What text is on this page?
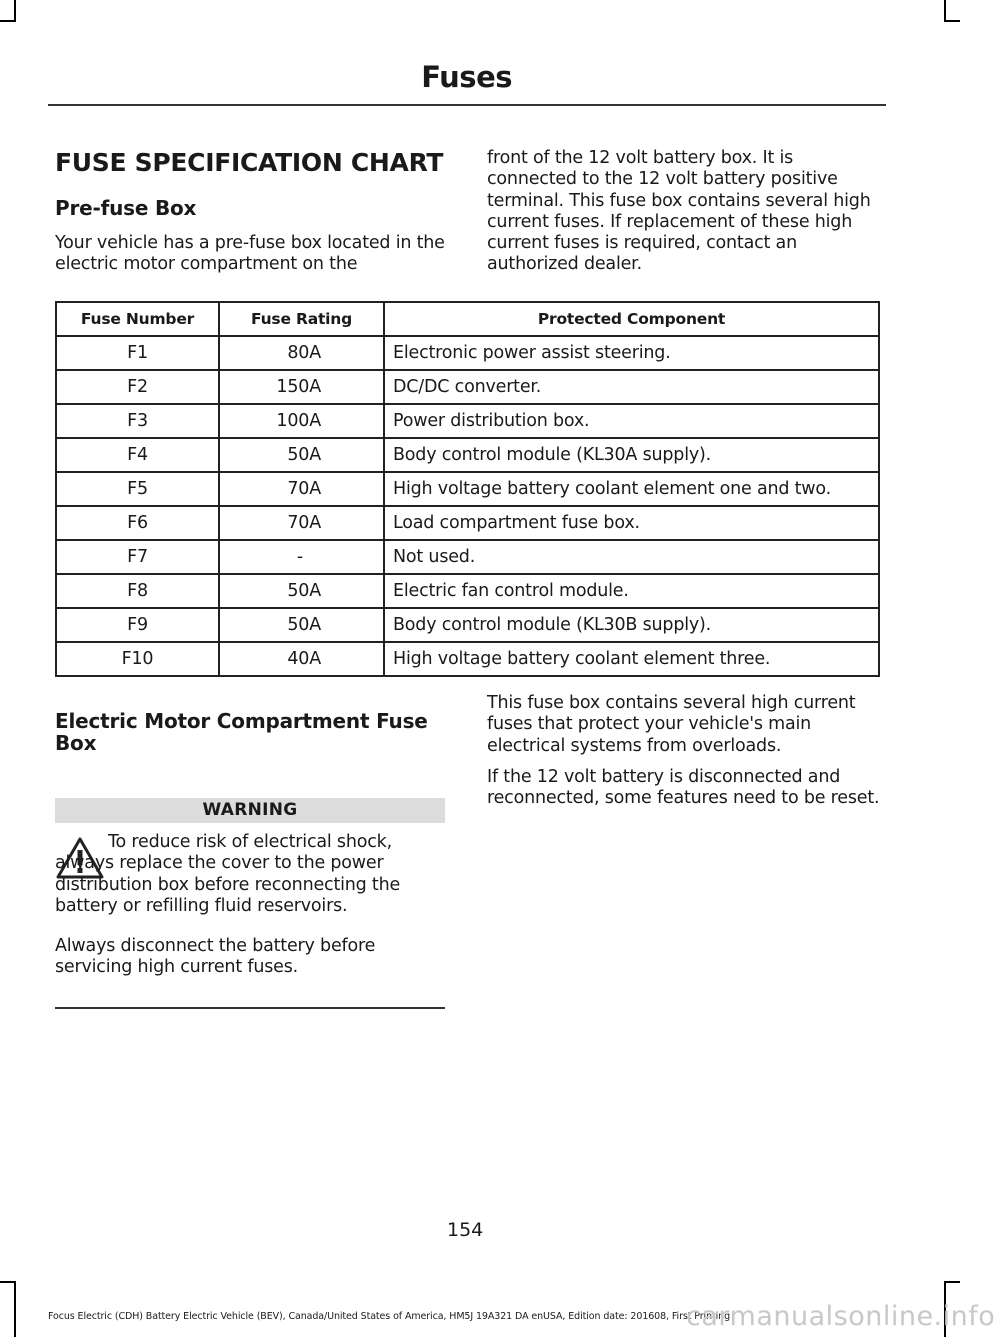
Fuses
FUSE SPECIFICATION CHART
Pre-fuse Box

Your vehicle has a pre-fuse box located in the electric motor compartment on the

front of the 12 volt battery box. It is connected to the 12 volt battery positive terminal. This fuse box contains several high current fuses. If replacement of these high current fuses is required, contact an authorized dealer.

Fuse Number	Fuse Rating	Protected Component
F1	80A	Electronic power assist steering.
F2	150A	DC/DC converter.
F3	100A	Power distribution box.
F4	50A	Body control module (KL30A supply).
F5	70A	High voltage battery coolant element one and two.
F6	70A	Load compartment fuse box.
F7	-	Not used.
F8	50A	Electric fan control module.
F9	50A	Body control module (KL30B supply).
F10	40A	High voltage battery coolant element three.
Electric Motor Compartment Fuse Box
WARNING

To reduce risk of electrical shock, always replace the cover to the power distribution box before reconnecting the battery or refilling fluid reservoirs.

Always disconnect the battery before servicing high current fuses.

This fuse box contains several high current fuses that protect your vehicle's main electrical systems from overloads.

If the 12 volt battery is disconnected and reconnected, some features need to be reset.

154
Focus Electric (CDH) Battery Electric Vehicle (BEV), Canada/United States of America, HM5J 19A321 DA enUSA, Edition date: 201608, First Printing
carmanualsonline.info
